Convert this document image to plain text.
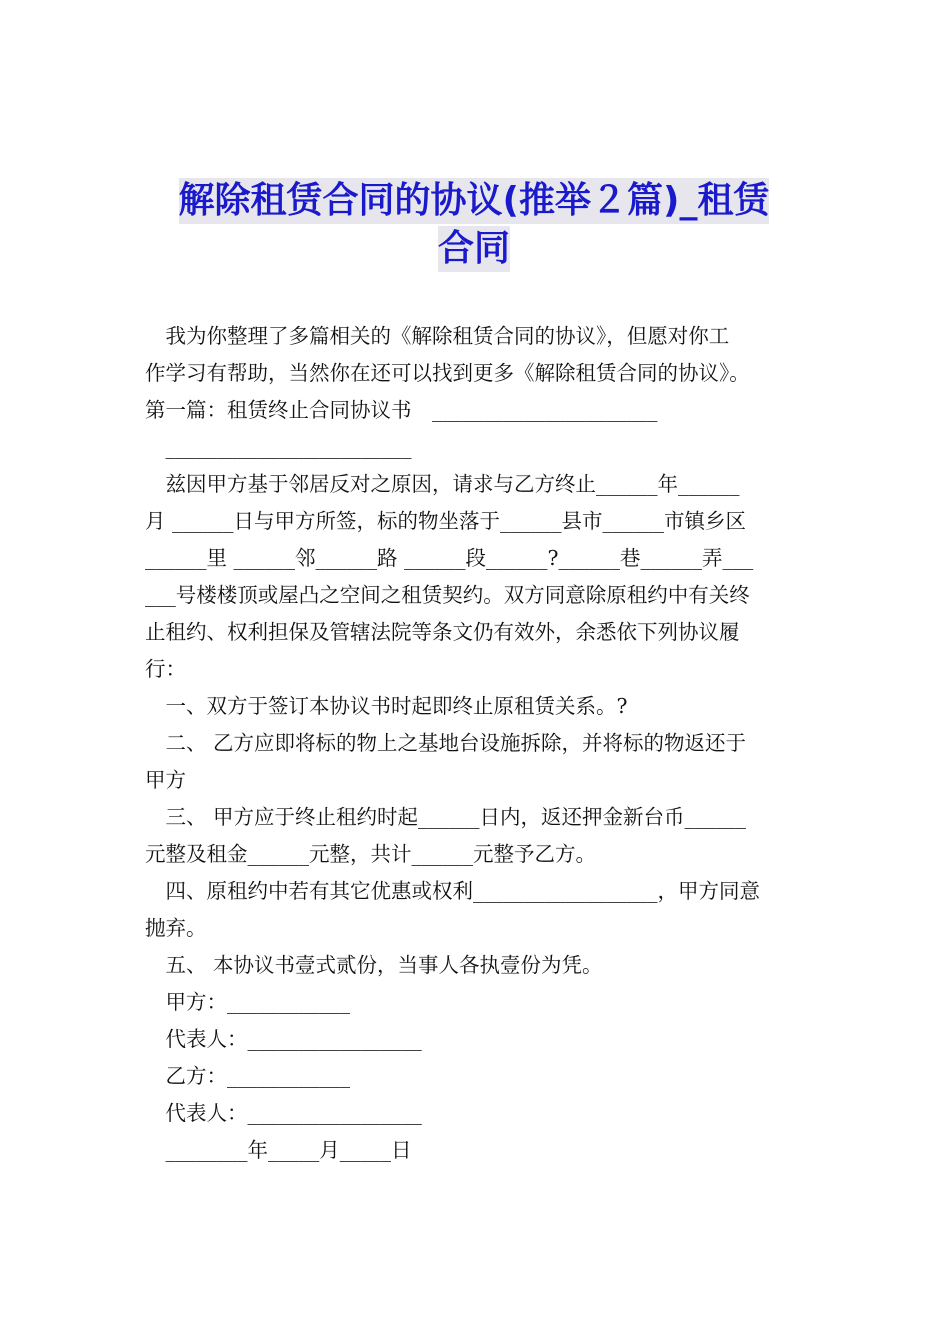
解除租赁合同的协议(推举２篇)_租赁
合同
　我为你整理了多篇相关的《解除租赁合同的协议》，但愿对你工
作学习有帮助，当然你在还可以找到更多《解除租赁合同的协议》。
第一篇：租赁终止合同协议书　______________________
　________________________
　兹因甲方基于邻居反对之原因，请求与乙方终止______年______
月 ______日与甲方所签，标的物坐落于______县市______市镇乡区
______里 ______邻______路 ______段______?______巷______弄___
___号楼楼顶或屋凸之空间之租赁契约。双方同意除原租约中有关终
止租约、权利担保及管辖法院等条文仍有效外，余悉依下列协议履
行：
　一、双方于签订本协议书时起即终止原租赁关系。?
　二、 乙方应即将标的物上之基地台设施拆除，并将标的物返还于
甲方
　三、 甲方应于终止租约时起______日内，返还押金新台币______
元整及租金______元整，共计______元整予乙方。
　四、原租约中若有其它优惠或权利__________________，甲方同意
抛弃。
　五、 本协议书壹式贰份，当事人各执壹份为凭。
　甲方：____________
　代表人：_________________
　乙方：____________
　代表人：_________________
　________年_____月_____日
